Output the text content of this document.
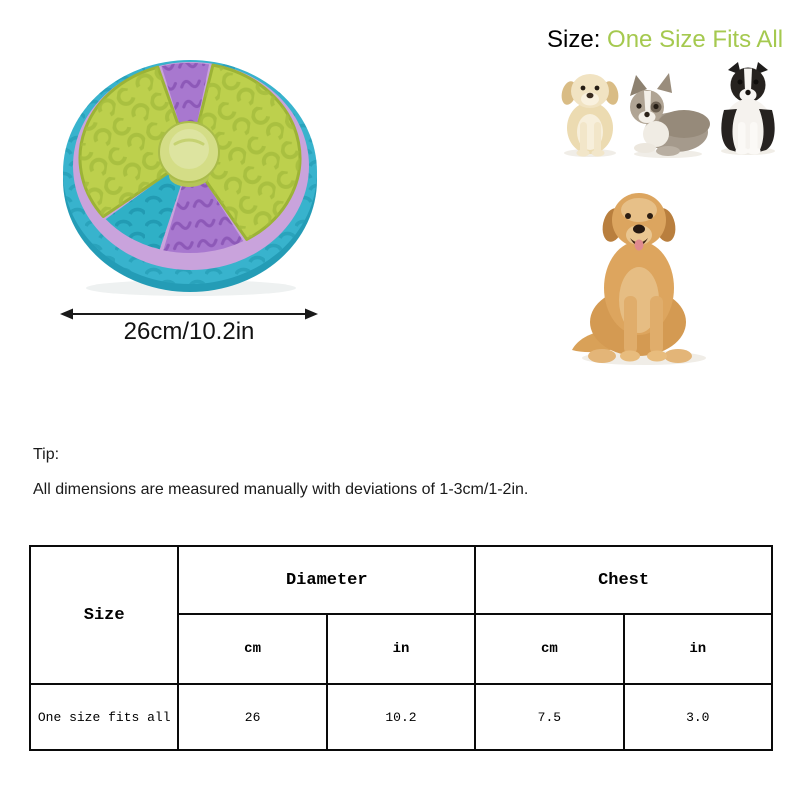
Size: One Size Fits All
26cm/10.2in
Tip:
All dimensions are measured manually with deviations of 1-3cm/1-2in.
Size	Diameter		Chest	
	cm	in	cm	in
One size fits all	26	10.2	7.5	3.0
